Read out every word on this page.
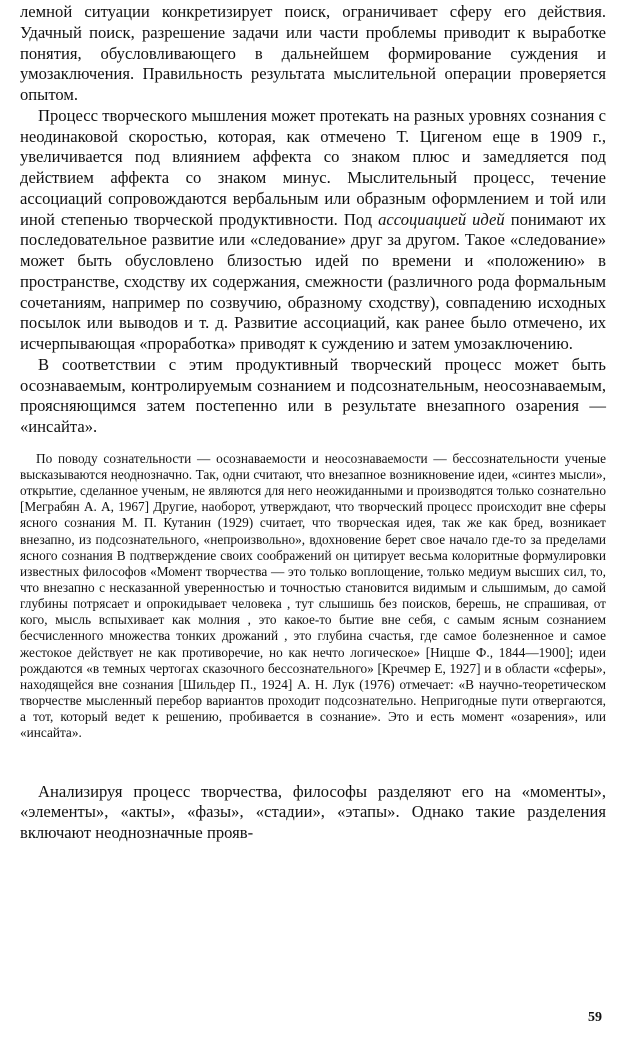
лемной ситуации конкретизирует поиск, ограничивает сферу его действия. Удачный поиск, разрешение задачи или части проблемы приводит к выработке понятия, обусловливающего в дальнейшем формирование суждения и умозаключения. Правильность результата мыслительной операции проверяется опытом.

Процесс творческого мышления может протекать на разных уровнях сознания с неодинаковой скоростью, которая, как отмечено Т. Цигеном еще в 1909 г., увеличивается под влиянием аффекта со знаком плюс и замедляется под действием аффекта со знаком минус. Мыслительный процесс, течение ассоциаций сопровождаются вербальным или образным оформлением и той или иной степенью творческой продуктивности. Под ассоциацией идей понимают их последовательное развитие или «следование» друг за другом. Такое «следование» может быть обусловлено близостью идей по времени и «положению» в пространстве, сходству их содержания, смежности (различного рода формальным сочетаниям, например по созвучию, образному сходству), совпадению исходных посылок или выводов и т. д. Развитие ассоциаций, как ранее было отмечено, их исчерпывающая «проработка» приводят к суждению и затем умозаключению.

В соответствии с этим продуктивный творческий процесс может быть осознаваемым, контролируемым сознанием и подсознательным, неосознаваемым, проясняющимся затем постепенно или в результате внезапного озарения — «инсайта».

По поводу сознательности — осознаваемости и неосознаваемости — бессознательности ученые высказываются неоднозначно. Так, одни считают, что внезапное возникновение идеи, «синтез мысли», открытие, сделанное ученым, не являются для него неожиданными и производятся только сознательно [Меграбян А. А, 1967] Другие, наоборот, утверждают, что творческий процесс происходит вне сферы ясного сознания М. П. Кутанин (1929) считает, что творческая идея, так же как бред, возникает внезапно, из подсознательного, «непроизвольно», вдохновение берет свое начало где-то за пределами ясного сознания В подтверждение своих соображений он цитирует весьма колоритные формулировки известных философов «Момент творчества — это только воплощение, только медиум высших сил, то, что внезапно с несказанной уверенностью и точностью становится видимым и слышимым, до самой глубины потрясает и опрокидывает человека , тут слышишь без поисков, берешь, не спрашивая, от кого, мысль вспыхивает как молния , это какое-то бытие вне себя, с самым ясным сознанием бесчисленного множества тонких дрожаний , это глубина счастья, где самое болезненное и самое жестокое действует не как противоречие, но как нечто логическое» [Ницше Ф., 1844—1900]; идеи рождаются «в темных чертогах сказочного бессознательного» [Кречмер Е, 1927] и в области «сферы», находящейся вне сознания [Шильдер П., 1924] А. Н. Лук (1976) отмечает: «В научно-теоретическом творчестве мысленный перебор вариантов проходит подсознательно. Непригодные пути отвергаются, а тот, который ведет к решению, пробивается в сознание». Это и есть момент «озарения», или «инсайта».

Анализируя процесс творчества, философы разделяют его на «моменты», «элементы», «акты», «фазы», «стадии», «этапы». Однако такие разделения включают неоднозначные прояв-

59
